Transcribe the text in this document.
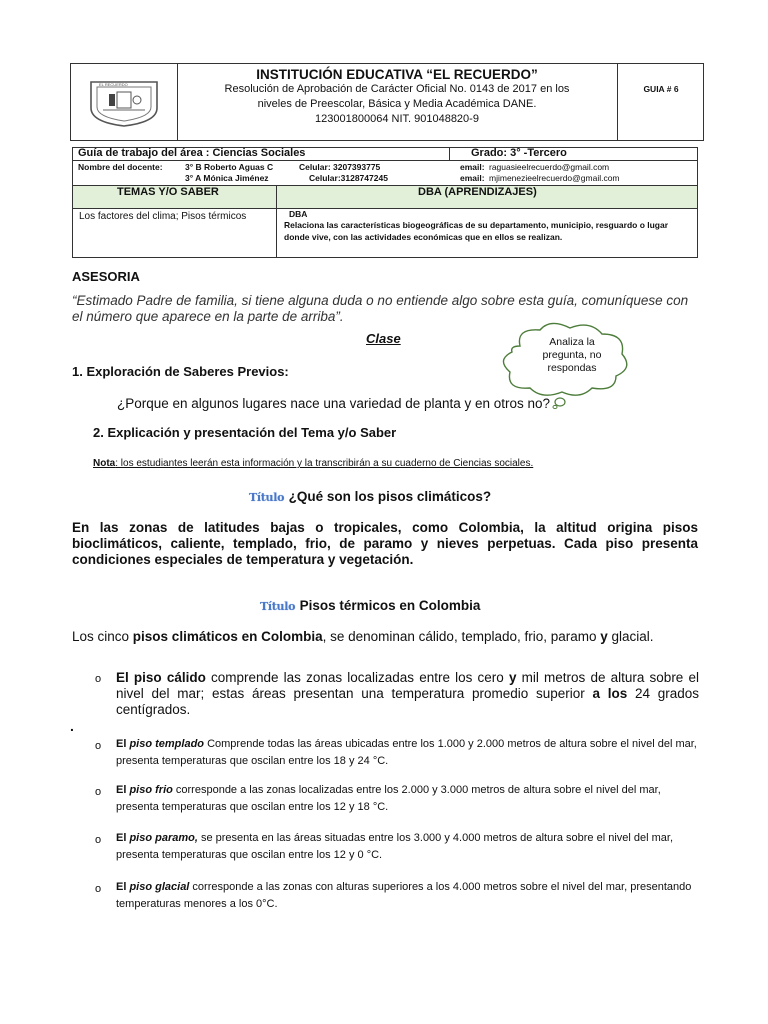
EL RECUERDO
INSTITUCIÓN EDUCATIVA “EL RECUERDO”
Resolución de Aprobación de Carácter Oficial No. 0143 de 2017 en los
niveles de Preescolar, Básica y Media Académica DANE.
123001800064 NIT. 901048820-9
GUIA # 6
Guía de trabajo del área : Ciencias Sociales	Grado: 3° -Tercero
Nombre del docente:	3° B Roberto Aguas C	Celular: 3207393775	email: raguasieelrecuerdo@gmail.com
3° A Mónica Jiménez	Celular:3128747245	email: mjimenezieelrecuerdo@gmail.com
TEMAS Y/O SABER	DBA (APRENDIZAJES)
Los factores del clima; Pisos térmicos	DBA
Relaciona las características biogeográficas de su departamento, municipio, resguardo o lugar donde vive, con las actividades económicas que en ellos se realizan.
ASESORIA
“Estimado Padre de familia, si tiene alguna duda o no entiende algo sobre esta guía, comuníquese con el número que aparece en la parte de arriba”.
Clase	Analiza la pregunta, no respondas
1. Exploración de Saberes Previos:
¿Porque en algunos lugares nace una variedad de planta y en otros no?
2. Explicación y presentación del Tema y/o Saber
Nota: los estudiantes leerán esta información y la transcribirán a su cuaderno de Ciencias sociales.
Título ¿Qué son los pisos climáticos?
En las zonas de latitudes bajas o tropicales, como Colombia, la altitud origina pisos bioclimáticos, caliente, templado, frio, de paramo y nieves perpetuas. Cada piso presenta condiciones especiales de temperatura y vegetación.
Título Pisos térmicos en Colombia
Los cinco pisos climáticos en Colombia, se denominan cálido, templado, frio, paramo y glacial.
o El piso cálido comprende las zonas localizadas entre los cero y mil metros de altura sobre el nivel del mar; estas áreas presentan una temperatura promedio superior a los 24 grados centígrados.
.
o El piso templado Comprende todas las áreas ubicadas entre los 1.000 y 2.000 metros de altura sobre el nivel del mar, presenta temperaturas que oscilan entre los 18 y 24 °C.
o El piso frio corresponde a las zonas localizadas entre los 2.000 y 3.000 metros de altura sobre el nivel del mar, presenta temperaturas que oscilan entre los 12 y 18 °C.
o El piso paramo, se presenta en las áreas situadas entre los 3.000 y 4.000 metros de altura sobre el nivel del mar, presenta temperaturas que oscilan entre los 12 y 0 °C.
o El piso glacial corresponde a las zonas con alturas superiores a los 4.000 metros sobre el nivel del mar, presentando temperaturas menores a los 0°C.
